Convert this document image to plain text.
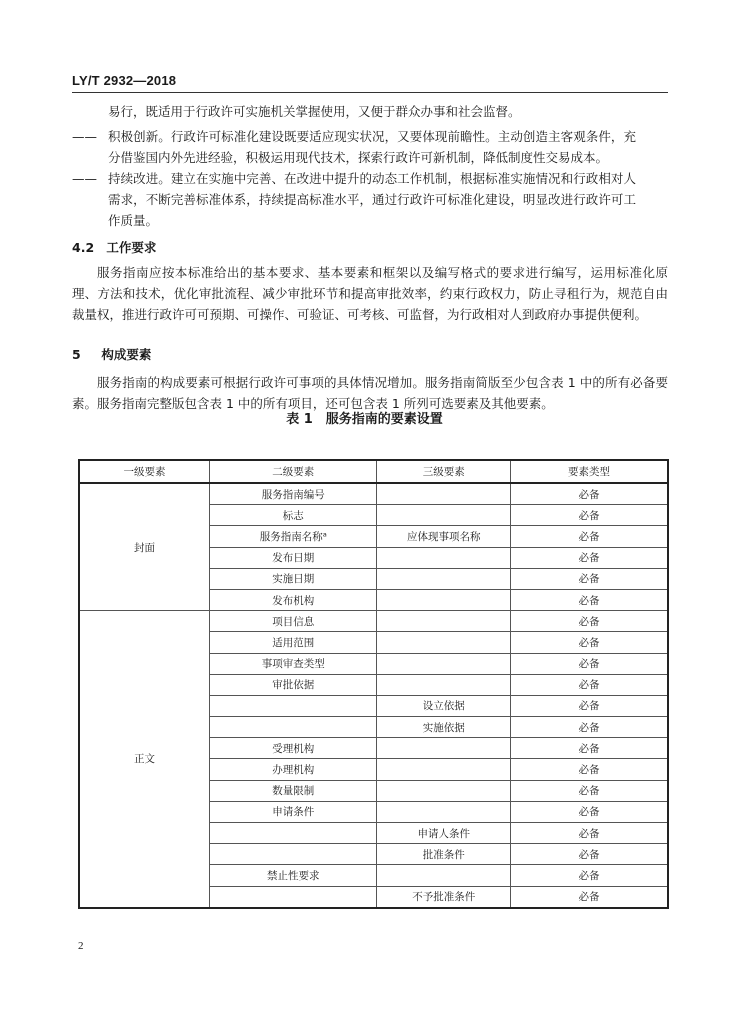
LY/T 2932—2018
易行，既适用于行政许可实施机关掌握使用，又便于群众办事和社会监督。
—— 积极创新。行政许可标准化建设既要适应现实状况，又要体现前瞻性。主动创造主客观条件，充分借鉴国内外先进经验，积极运用现代技术，探索行政许可新机制，降低制度性交易成本。
—— 持续改进。建立在实施中完善、在改进中提升的动态工作机制，根据标准实施情况和行政相对人需求，不断完善标准体系，持续提高标准水平，通过行政许可标准化建设，明显改进行政许可工作质量。
4.2 工作要求
服务指南应按本标准给出的基本要求、基本要素和框架以及编写格式的要求进行编写，运用标准化原理、方法和技术，优化审批流程、减少审批环节和提高审批效率，约束行政权力，防止寻租行为，规范自由裁量权，推进行政许可可预期、可操作、可验证、可考核、可监督，为行政相对人到政府办事提供便利。
5 构成要素
服务指南的构成要素可根据行政许可事项的具体情况增加。服务指南简版至少包含表 1 中的所有必备要素。服务指南完整版包含表 1 中的所有项目，还可包含表 1 所列可选要素及其他要素。
表 1　服务指南的要素设置
一级要素	二级要素	三级要素	要素类型
封面	服务指南编号		必备
	标志		必备
	服务指南名称ᵃ	应体现事项名称	必备
	发布日期		必备
	实施日期		必备
	发布机构		必备
正文	项目信息		必备
	适用范围		必备
	事项审查类型		必备
	审批依据		必备
		设立依据	必备
		实施依据	必备
	受理机构		必备
	办理机构		必备
	数量限制		必备
	申请条件		必备
		申请人条件	必备
		批准条件	必备
	禁止性要求		必备
		不予批准条件	必备
2
